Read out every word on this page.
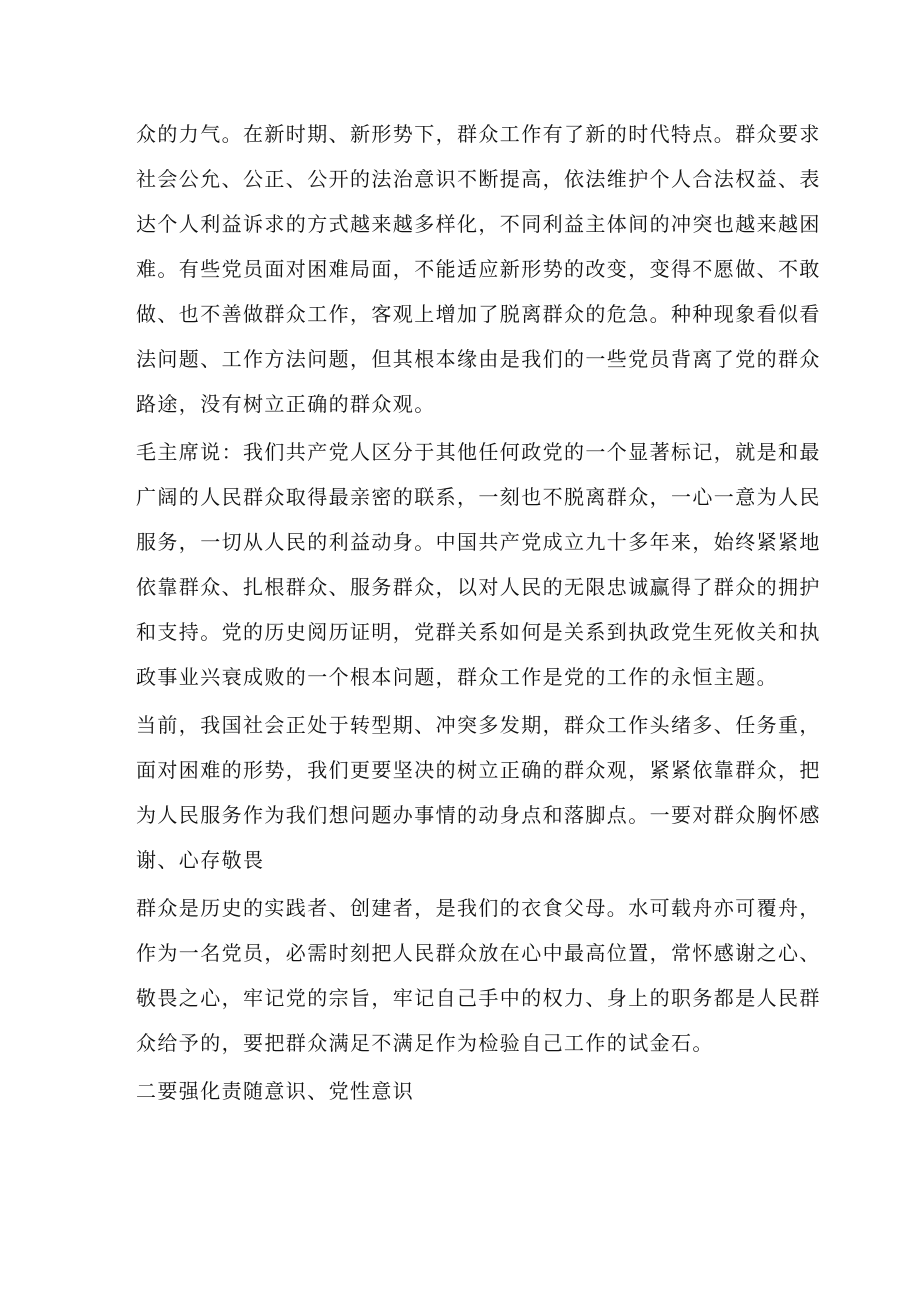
众的力气。在新时期、新形势下，群众工作有了新的时代特点。群众要求
社会公允、公正、公开的法治意识不断提高，依法维护个人合法权益、表
达个人利益诉求的方式越来越多样化，不同利益主体间的冲突也越来越困
难。有些党员面对困难局面，不能适应新形势的改变，变得不愿做、不敢
做、也不善做群众工作，客观上增加了脱离群众的危急。种种现象看似看
法问题、工作方法问题，但其根本缘由是我们的一些党员背离了党的群众
路途，没有树立正确的群众观。

毛主席说：我们共产党人区分于其他任何政党的一个显著标记，就是和最
广阔的人民群众取得最亲密的联系，一刻也不脱离群众，一心一意为人民
服务，一切从人民的利益动身。中国共产党成立九十多年来，始终紧紧地
依靠群众、扎根群众、服务群众，以对人民的无限忠诚赢得了群众的拥护
和支持。党的历史阅历证明，党群关系如何是关系到执政党生死攸关和执
政事业兴衰成败的一个根本问题，群众工作是党的工作的永恒主题。

当前，我国社会正处于转型期、冲突多发期，群众工作头绪多、任务重，
面对困难的形势，我们更要坚决的树立正确的群众观，紧紧依靠群众，把
为人民服务作为我们想问题办事情的动身点和落脚点。一要对群众胸怀感
谢、心存敬畏

群众是历史的实践者、创建者，是我们的衣食父母。水可载舟亦可覆舟，
作为一名党员，必需时刻把人民群众放在心中最高位置，常怀感谢之心、
敬畏之心，牢记党的宗旨，牢记自己手中的权力、身上的职务都是人民群
众给予的，要把群众满足不满足作为检验自己工作的试金石。

二要强化责随意识、党性意识
